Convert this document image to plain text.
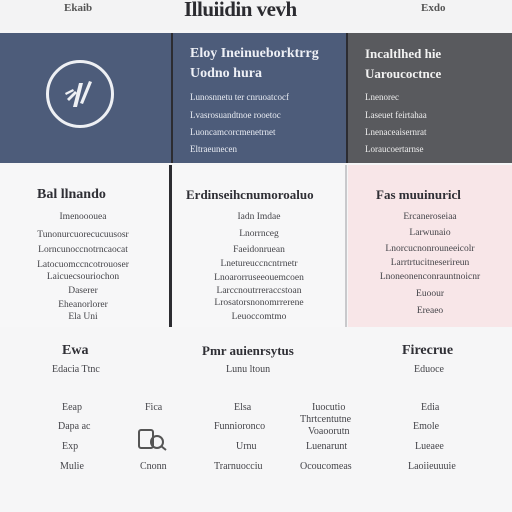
Ekaib	Illuiidin vevh	Exdo
Eloy Ineinueborktrrg
Uodno hura
Lunosnnetu ter cnruoatcocf
Lvasrosuandtnoe rooetoc
Luoncamcorcmenetrnet
Eltraeunecen
Incaltlhed hie
Uaroucoctnce
Lnenorec
Laseuet feirtahaa
Lnenaceaisernrat
Loraucoertarnse
Bal llnando
Imenooouea
Tunonurcuorecucuusosr
Lorncunoccnotrncaocat
Latocuomccncotrouoser
Laicuecsouriochon
Daserer
Eheanorlorer
Ela Uni
Erdinseihcnumoroaluo
Iadn Imdae
Lnorrnceg
Faeidonruean
Lnetureuccncntrnetr
Lnoarorruseeouemcoen
Larccnoutrreraccstoan
Lrosatorsnonomrrerene
Leuoccomtmo
Fas muuinuricl
Ercaneroseiaa
Larwunaio
Lnorcucnonrouneeicolr
Larrtrtucitneserireun
Lnoneonenconrauntnoicnr
Euoour
Ereaeo
Ewa
Edacia Ttnc
Eeap
Dapa ac
Exp
Mulie
Fica
Cnonn
Pmr auienrsytus
Lunu ltoun
Elsa
Funnioronco
Urnu
Trarnuocciu
Iuocutio
Thrtcentutne
Voaoorutn
Luenarunt
Ocoucomeas
Firecrue
Eduoce
Edia
Emole
Lueaee
Laoiieuuuie
